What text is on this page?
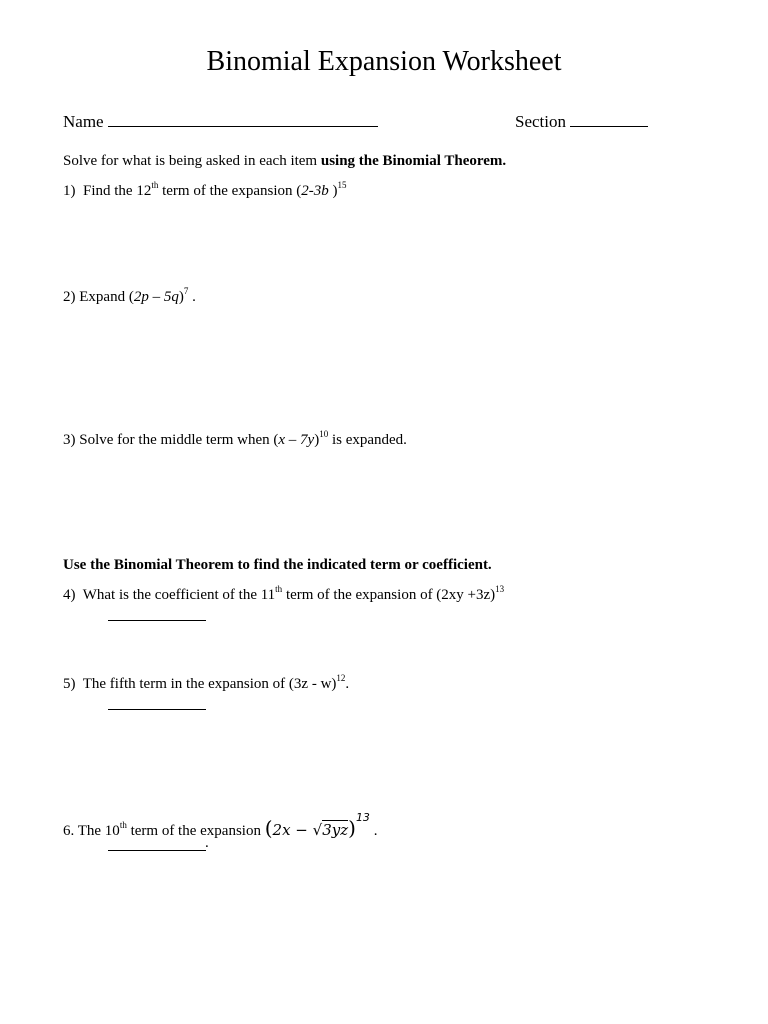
Binomial Expansion Worksheet
Name	Section
Solve for what is being asked in each item using the Binomial Theorem.
1) Find the 12th term of the expansion (2-3b )$^{15}$
2) Expand (2p – 5q)$^7$ .
3) Solve for the middle term when (x – 7y)$^{10}$ is expanded.
Use the Binomial Theorem to find the indicated term or coefficient.
4) What is the coefficient of the 11th term of the expansion of $(2xy +3z)^{13}$
5) The fifth term in the expansion of (3z - w)$^{12}$.
6. The 10th term of the expansion $(2x - √3yz)^{13}$ .
.
